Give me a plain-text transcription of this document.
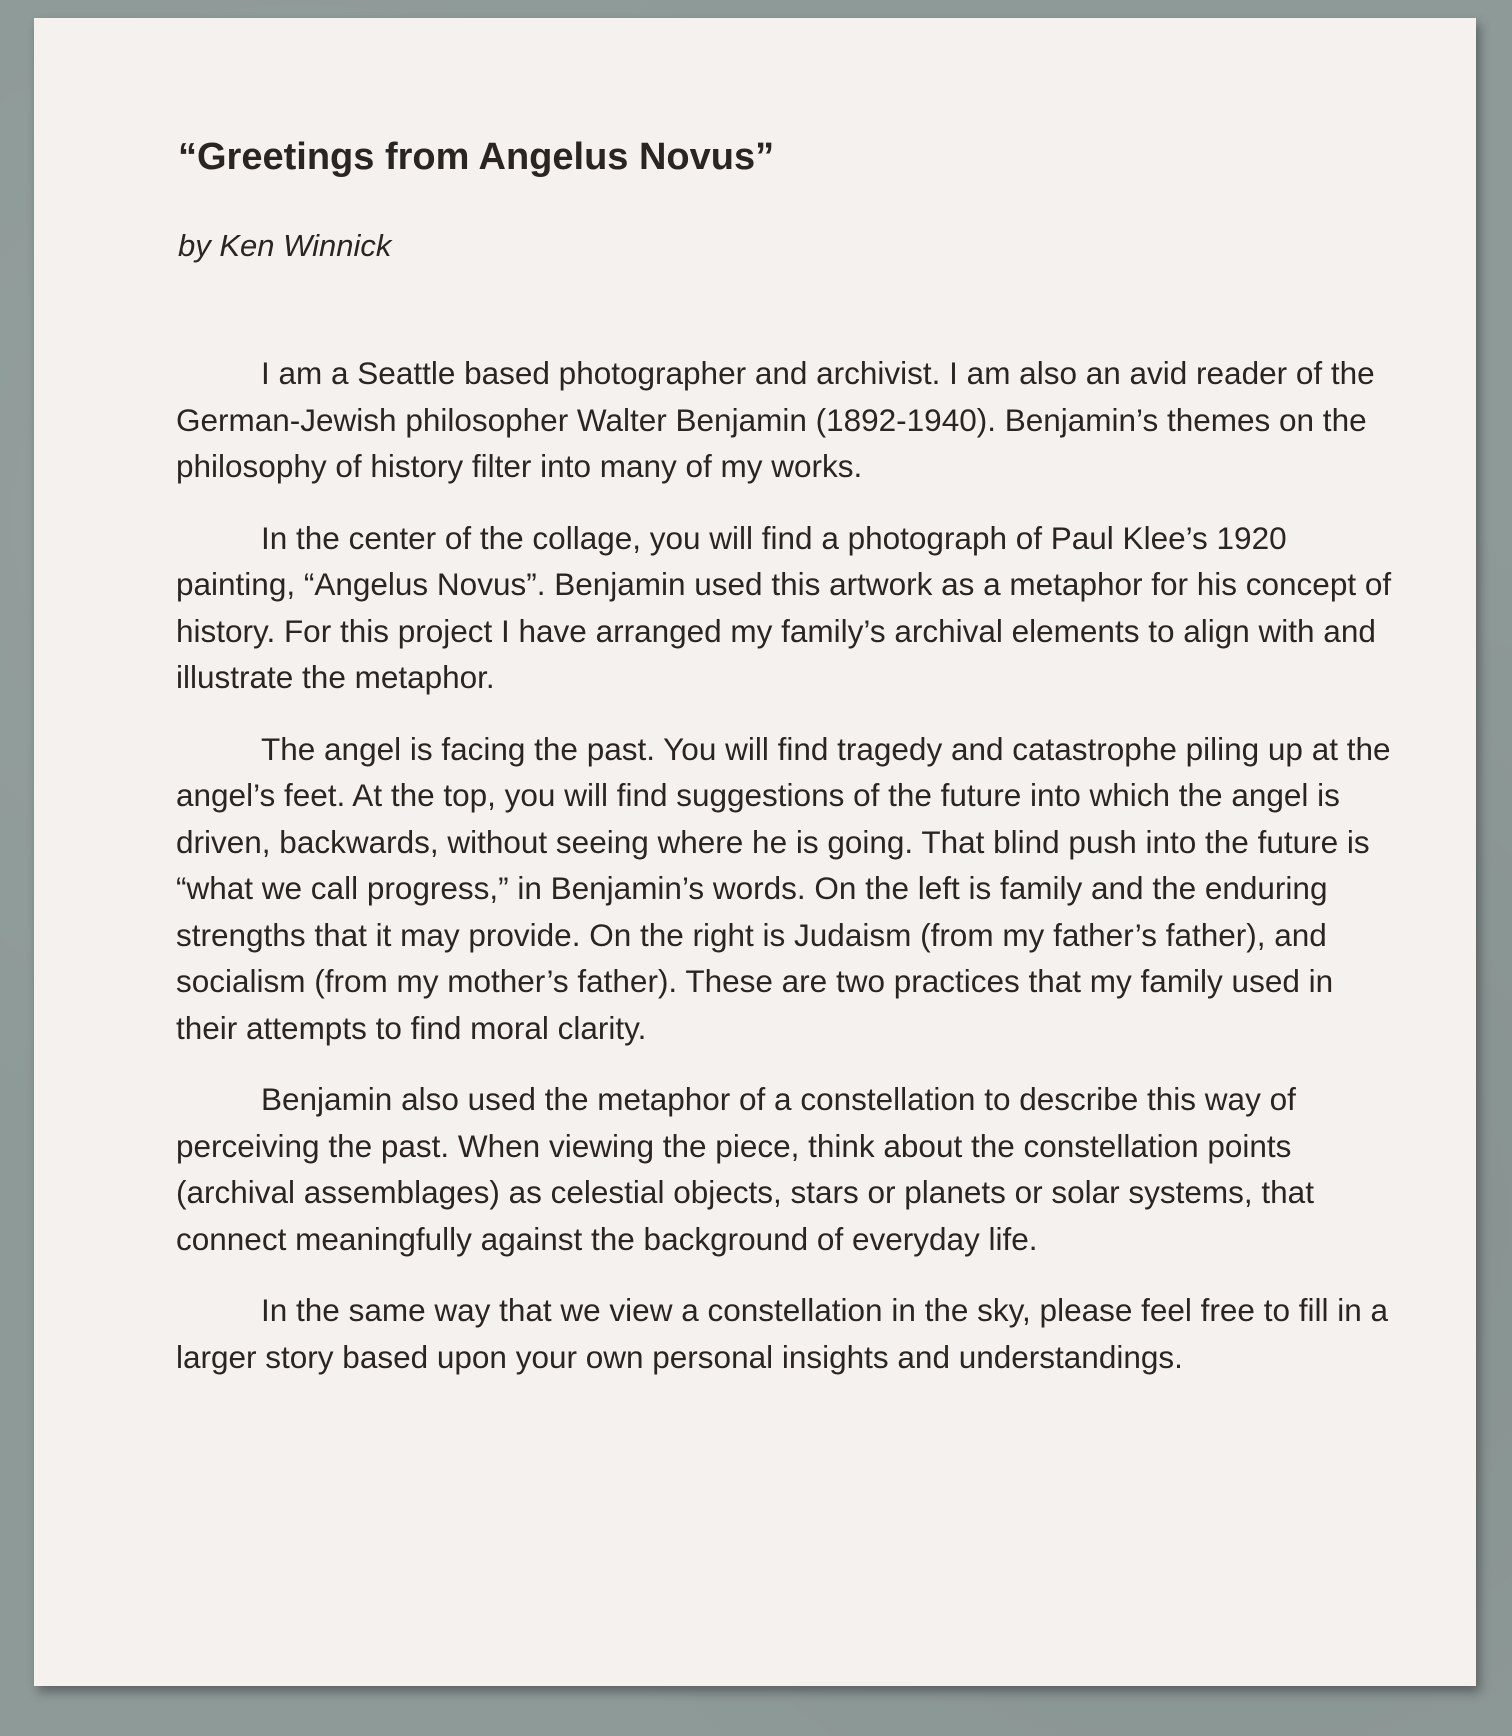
“Greetings from Angelus Novus”

by Ken Winnick

I am a Seattle based photographer and archivist. I am also an avid reader of the German-Jewish philosopher Walter Benjamin (1892-1940). Benjamin’s themes on the philosophy of history filter into many of my works.

In the center of the collage, you will find a photograph of Paul Klee’s 1920 painting, “Angelus Novus”. Benjamin used this artwork as a metaphor for his concept of history. For this project I have arranged my family’s archival elements to align with and illustrate the metaphor.

The angel is facing the past. You will find tragedy and catastrophe piling up at the angel’s feet. At the top, you will find suggestions of the future into which the angel is driven, backwards, without seeing where he is going. That blind push into the future is “what we call progress,” in Benjamin’s words. On the left is family and the enduring strengths that it may provide. On the right is Judaism (from my father’s father), and socialism (from my mother’s father). These are two practices that my family used in their attempts to find moral clarity.

Benjamin also used the metaphor of a constellation to describe this way of perceiving the past. When viewing the piece, think about the constellation points (archival assemblages) as celestial objects, stars or planets or solar systems, that connect meaningfully against the background of everyday life.

In the same way that we view a constellation in the sky, please feel free to fill in a larger story based upon your own personal insights and understandings.
